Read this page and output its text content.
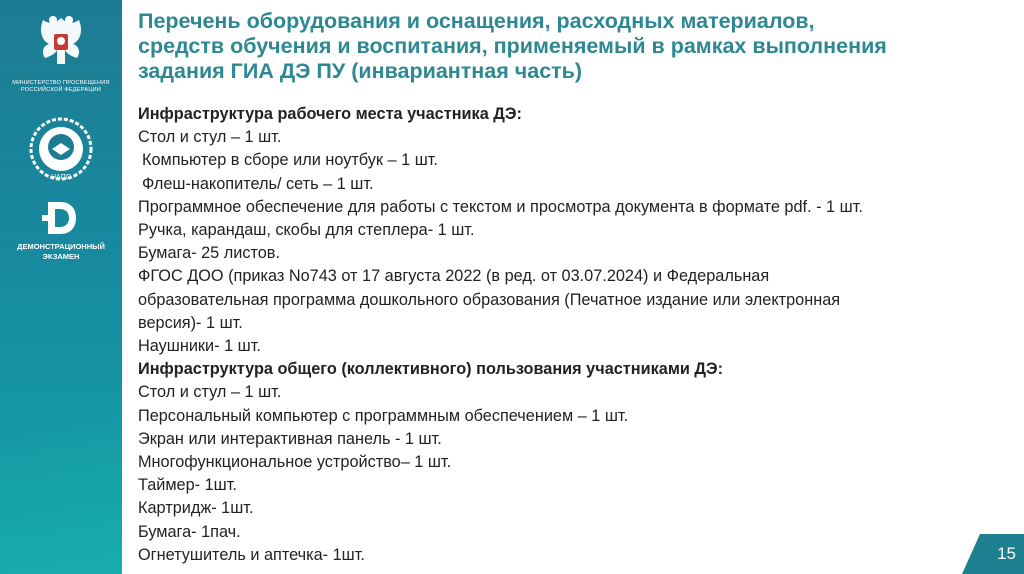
МИНИСТЕРСТВО ПРОСВЕЩЕНИЯ
РОССИЙСКОЙ ФЕДЕРАЦИИ
НАПО
ДЕМОНСТРАЦИОННЫЙ
ЭКЗАМЕН
Перечень оборудования и оснащения, расходных материалов,
средств обучения и воспитания, применяемый в рамках выполнения
задания ГИА ДЭ ПУ (инвариантная часть)
Инфраструктура рабочего места участника ДЭ:
Стол и стул – 1 шт.
Компьютер в сборе или ноутбук – 1 шт.
Флеш-накопитель/ сеть – 1 шт.
Программное обеспечение для работы с текстом и просмотра документа в формате pdf. - 1 шт.
Ручка, карандаш, скобы для степлера- 1 шт.
Бумага- 25 листов.
ФГОС ДОО (приказ No743 от 17 августа 2022 (в ред. от 03.07.2024) и Федеральная
образовательная программа дошкольного образования (Печатное издание или электронная
версия)- 1 шт.
Наушники- 1 шт.
Инфраструктура общего (коллективного) пользования участниками ДЭ:
Стол и стул – 1 шт.
Персональный компьютер с программным обеспечением – 1 шт.
Экран или интерактивная панель - 1 шт.
Многофункциональное устройство– 1 шт.
Таймер- 1шт.
Картридж- 1шт.
Бумага- 1пач.
Огнетушитель и аптечка- 1шт.	15
